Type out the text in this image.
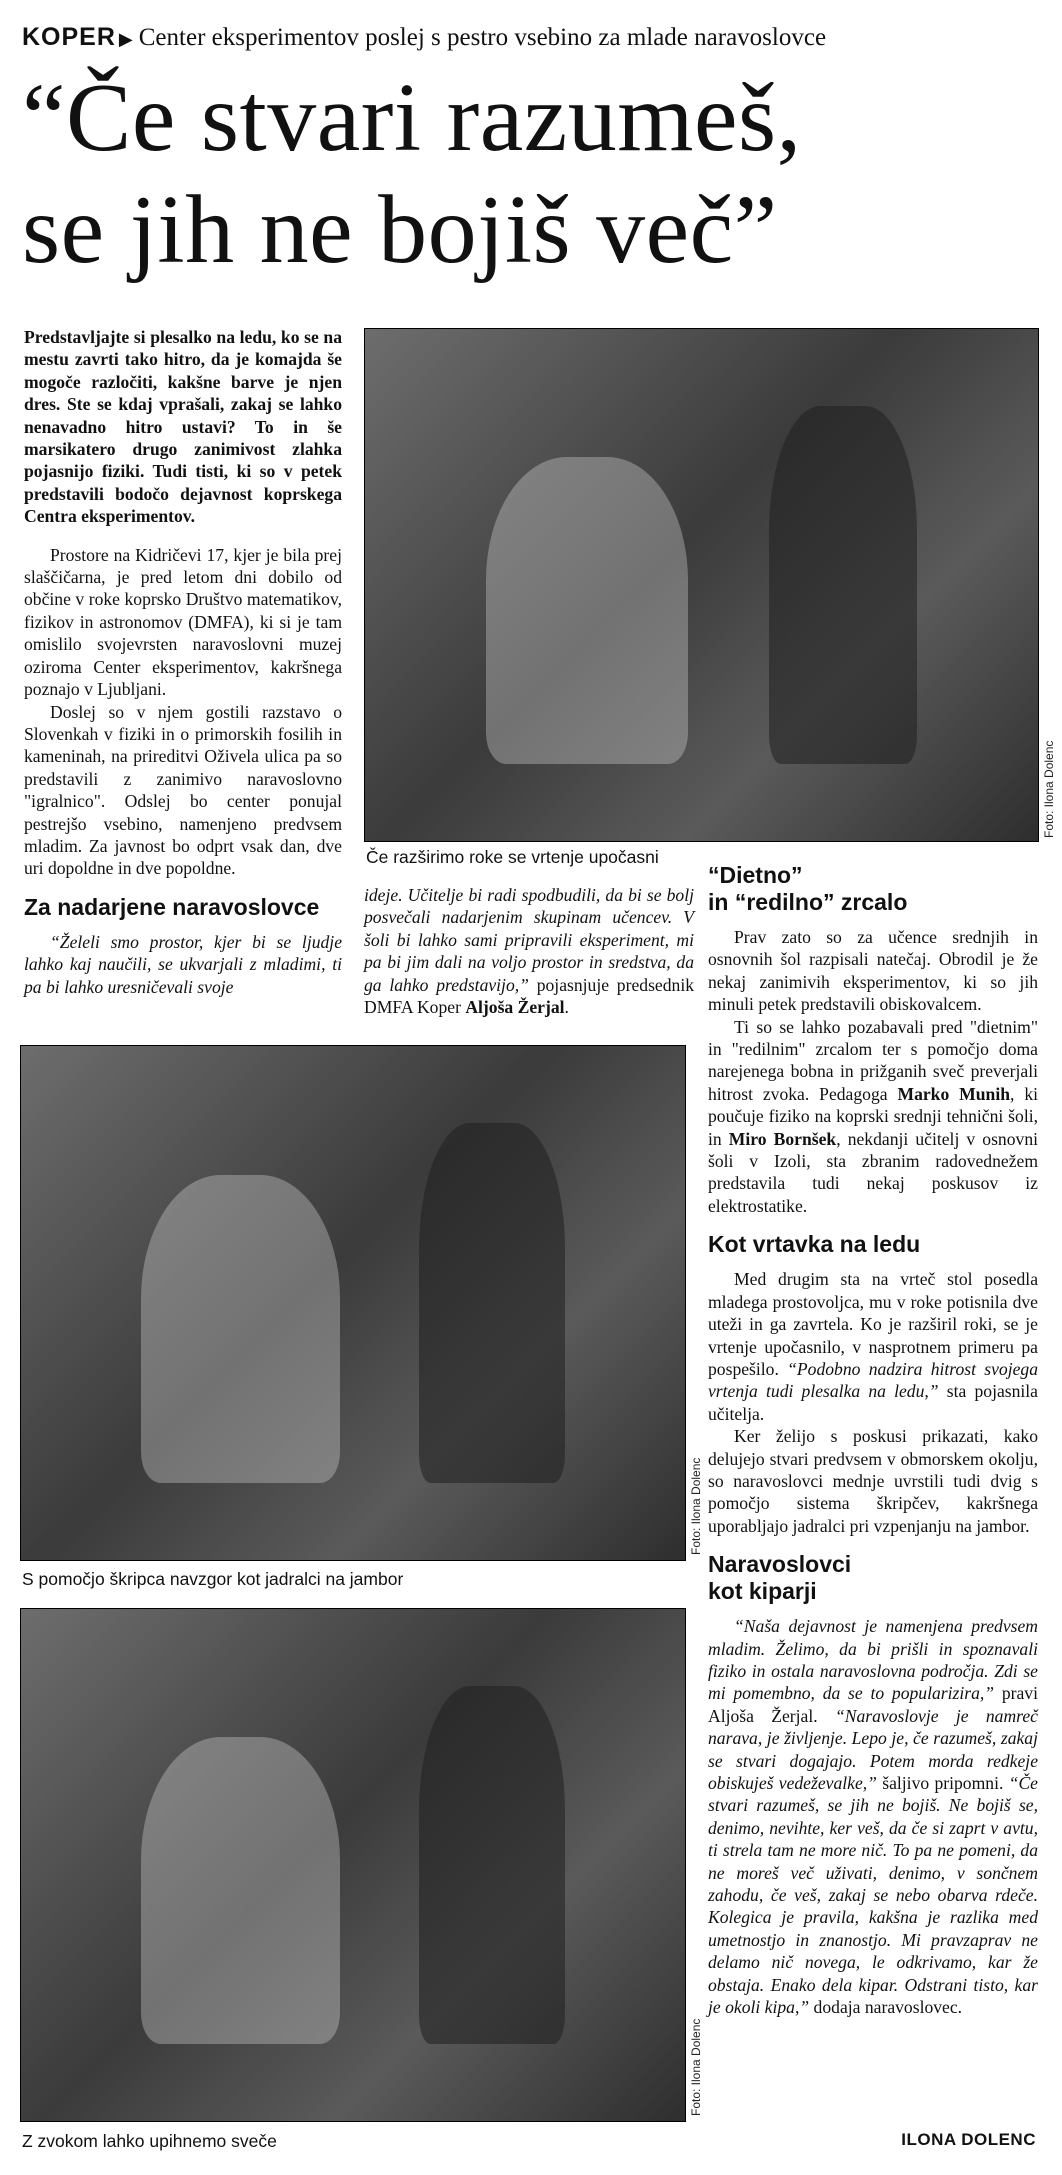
KOPER ▶ Center eksperimentov poslej s pestro vsebino za mlade naravoslovce
“Če stvari razumeš,
se jih ne bojiš več”

Predstavljajte si plesalko na ledu, ko se na mestu zavrti tako hitro, da je komajda še mogoče razločiti, kakšne barve je njen dres. Ste se kdaj vprašali, zakaj se lahko nenavadno hitro ustavi? To in še marsikatero drugo zanimivost zlahka pojasnijo fiziki. Tudi tisti, ki so v petek predstavili bodočo dejavnost koprskega Centra eksperimentov.

Prostore na Kidričevi 17, kjer je bila prej slaščičarna, je pred letom dni dobilo od občine v roke koprsko Društvo matematikov, fizikov in astronomov (DMFA), ki si je tam omislilo svojevrsten naravoslovni muzej oziroma Center eksperimentov, kakršnega poznajo v Ljubljani.

Doslej so v njem gostili razstavo o Slovenkah v fiziki in o primorskih fosilih in kameninah, na prireditvi Oživela ulica pa so predstavili z zanimivo naravoslovno "igralnico". Odslej bo center ponujal pestrejšo vsebino, namenjeno predvsem mladim. Za javnost bo odprt vsak dan, dve uri dopoldne in dve popoldne.

Za nadarjene naravoslovce

“Želeli smo prostor, kjer bi se ljudje lahko kaj naučili, se ukvarjali z mladimi, ti pa bi lahko uresničevali svoje

Foto: Ilona Dolenc
Če razširimo roke se vrtenje upočasni

ideje. Učitelje bi radi spodbudili, da bi se bolj posvečali nadarjenim skupinam učencev. V šoli bi lahko sami pripravili eksperiment, mi pa bi jim dali na voljo prostor in sredstva, da ga lahko predstavijo,” pojasnjuje predsednik DMFA Koper Aljoša Žerjal.

Foto: Ilona Dolenc
S pomočjo škripca navzgor kot jadralci na jambor
Foto: Ilona Dolenc
Z zvokom lahko upihnemo sveče
“Dietno”
in “redilno” zrcalo

Prav zato so za učence srednjih in osnovnih šol razpisali natečaj. Obrodil je že nekaj zanimivih eksperimentov, ki so jih minuli petek predstavili obiskovalcem.

Ti so se lahko pozabavali pred "dietnim" in "redilnim" zrcalom ter s pomočjo doma narejenega bobna in prižganih sveč preverjali hitrost zvoka. Pedagoga Marko Munih, ki poučuje fiziko na koprski srednji tehnični šoli, in Miro Bornšek, nekdanji učitelj v osnovni šoli v Izoli, sta zbranim radovednežem predstavila tudi nekaj poskusov iz elektrostatike.

Kot vrtavka na ledu

Med drugim sta na vrteč stol posedla mladega prostovoljca, mu v roke potisnila dve uteži in ga zavrtela. Ko je razširil roki, se je vrtenje upočasnilo, v nasprotnem primeru pa pospešilo. “Podobno nadzira hitrost svojega vrtenja tudi plesalka na ledu,” sta pojasnila učitelja.

Ker želijo s poskusi prikazati, kako delujejo stvari predvsem v obmorskem okolju, so naravoslovci mednje uvrstili tudi dvig s pomočjo sistema škripčev, kakršnega uporabljajo jadralci pri vzpenjanju na jambor.

Naravoslovci
kot kiparji

“Naša dejavnost je namenjena predvsem mladim. Želimo, da bi prišli in spoznavali fiziko in ostala naravoslovna področja. Zdi se mi pomembno, da se to popularizira,” pravi Aljoša Žerjal. “Naravoslovje je namreč narava, je življenje. Lepo je, če razumeš, zakaj se stvari dogajajo. Potem morda redkeje obiskuješ vedeževalke,” šaljivo pripomni. “Če stvari razumeš, se jih ne bojiš. Ne bojiš se, denimo, nevihte, ker veš, da če si zaprt v avtu, ti strela tam ne more nič. To pa ne pomeni, da ne moreš več uživati, denimo, v sončnem zahodu, če veš, zakaj se nebo obarva rdeče. Kolegica je pravila, kakšna je razlika med umetnostjo in znanostjo. Mi pravzaprav ne delamo nič novega, le odkrivamo, kar že obstaja. Enako dela kipar. Odstrani tisto, kar je okoli kipa,” dodaja naravoslovec.

ILONA DOLENC
